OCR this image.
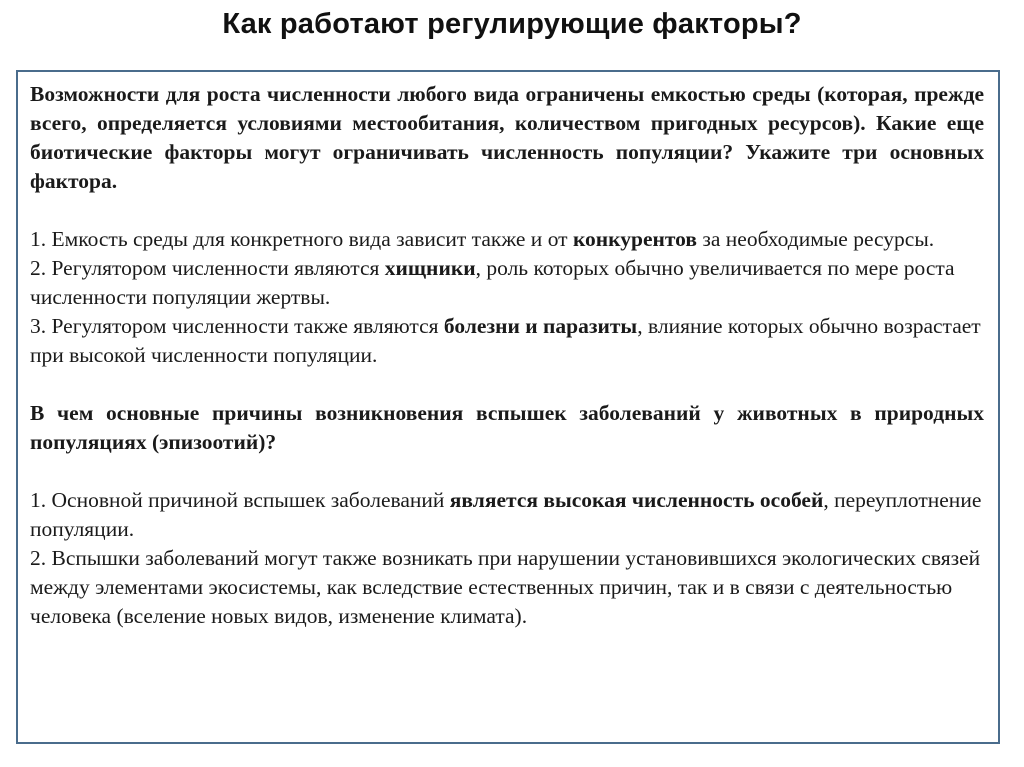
Как работают регулирующие факторы?

Возможности для роста численности любого вида ограничены емкостью среды (которая, прежде всего, определяется условиями местообитания, количеством пригодных ресурсов). Какие еще биотические факторы могут ограничивать численность популяции? Укажите три основных фактора.

1. Емкость среды для конкретного вида зависит также и от конкурентов за необходимые ресурсы.

2. Регулятором численности являются хищники, роль которых обычно увеличивается по мере роста численности популяции жертвы.

3. Регулятором численности также являются болезни и паразиты, влияние которых обычно возрастает при высокой численности популяции.

В чем основные причины возникновения вспышек заболеваний у животных в природных популяциях (эпизоотий)?

1. Основной причиной вспышек заболеваний является высокая численность особей, переуплотнение популяции.

2. Вспышки заболеваний могут также возникать при нарушении установившихся экологических связей между элементами экосистемы, как вследствие естественных причин, так и в связи с деятельностью человека (вселение новых видов, изменение климата).
